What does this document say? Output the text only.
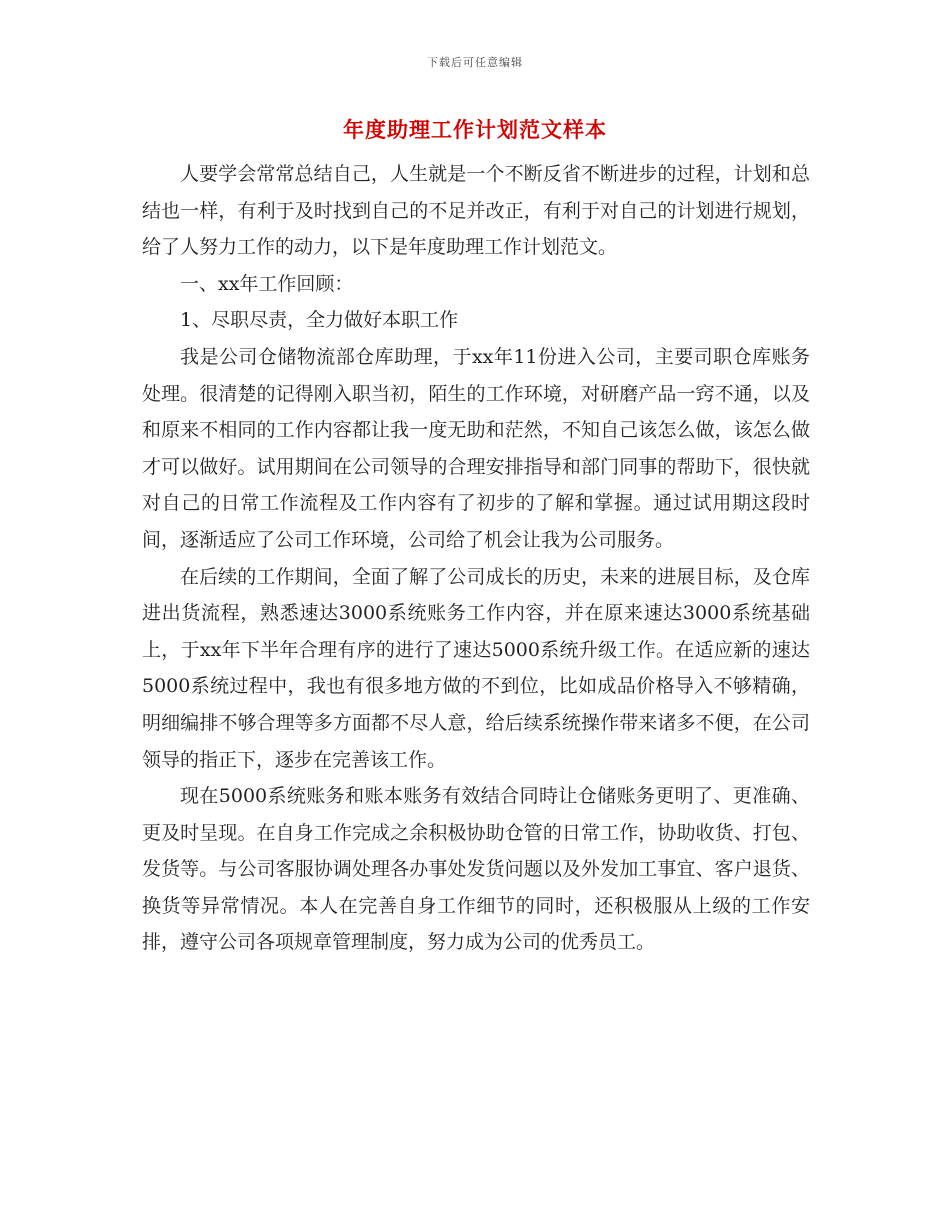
下载后可任意编辑
年度助理工作计划范文样本

人要学会常常总结自己，人生就是一个不断反省不断进步的过程，计划和总结也一样，有利于及时找到自己的不足并改正，有利于对自己的计划进行规划，给了人努力工作的动力，以下是年度助理工作计划范文。

一、xx年工作回顾：

1、尽职尽责，全力做好本职工作

我是公司仓储物流部仓库助理，于xx年11份进入公司，主要司职仓库账务处理。很清楚的记得刚入职当初，陌生的工作环境，对研磨产品一窍不通，以及和原来不相同的工作内容都让我一度无助和茫然，不知自己该怎么做，该怎么做才可以做好。试用期间在公司领导的合理安排指导和部门同事的帮助下，很快就对自己的日常工作流程及工作内容有了初步的了解和掌握。通过试用期这段时间，逐渐适应了公司工作环境，公司给了机会让我为公司服务。

在后续的工作期间，全面了解了公司成长的历史，未来的进展目标，及仓库进出货流程，熟悉速达3000系统账务工作内容，并在原来速达3000系统基础上，于xx年下半年合理有序的进行了速达5000系统升级工作。在适应新的速达5000系统过程中，我也有很多地方做的不到位，比如成品价格导入不够精确，明细编排不够合理等多方面都不尽人意，给后续系统操作带来诸多不便，在公司领导的指正下，逐步在完善该工作。

现在5000系统账务和账本账务有效结合同時让仓储账务更明了、更准确、更及时呈现。在自身工作完成之余积极协助仓管的日常工作，协助收货、打包、发货等。与公司客服协调处理各办事处发货问题以及外发加工事宜、客户退货、换货等异常情况。本人在完善自身工作细节的同时，还积极服从上级的工作安排，遵守公司各项规章管理制度，努力成为公司的优秀员工。
